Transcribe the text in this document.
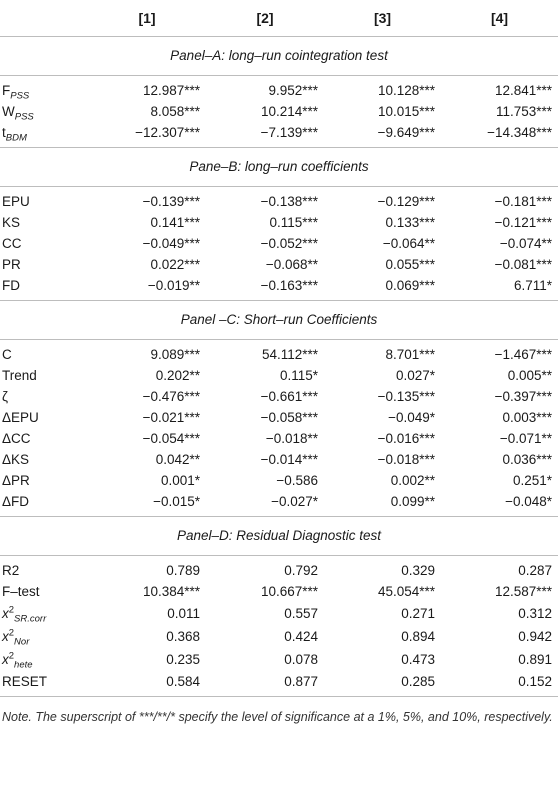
	[1]	[2]	[3]	[4]
Panel–A: long–run cointegration test				
$F_{PSS}$	12.987***	9.952***	10.128***	12.841***
$W_{PSS}$	8.058***	10.214***	10.015***	11.753***
$t_{BDM}$	−12.307***	−7.139***	−9.649***	−14.348***
Pane–B: long–run coefficients				
EPU	−0.139***	−0.138***	−0.129***	−0.181***
KS	0.141***	0.115***	0.133***	−0.121***
CC	−0.049***	−0.052***	−0.064**	−0.074**
PR	0.022***	−0.068**	0.055***	−0.081***
FD	−0.019**	−0.163***	0.069***	6.711*
Panel –C: Short–run Coefficients				
C	9.089***	54.112***	8.701***	−1.467***
Trend	0.202**	0.115*	0.027*	0.005**
ζ	−0.476***	−0.661***	−0.135***	−0.397***
ΔEPU	−0.021***	−0.058***	−0.049*	0.003***
ΔCC	−0.054***	−0.018**	−0.016***	−0.071**
ΔKS	0.042**	−0.014***	−0.018***	0.036***
ΔPR	0.001*	−0.586	0.002**	0.251*
ΔFD	−0.015*	−0.027*	0.099**	−0.048*
Panel–D: Residual Diagnostic test				
R2	0.789	0.792	0.329	0.287
F–test	10.384***	10.667***	45.054***	12.587***
$x^2_{SR.corr}$	0.011	0.557	0.271	0.312
$x^2_{Nor}$	0.368	0.424	0.894	0.942
$x^2_{hete}$	0.235	0.078	0.473	0.891
RESET	0.584	0.877	0.285	0.152
Note. The superscript of ***/**/* specify the level of significance at a 1%, 5%, and 10%, respectively.				
